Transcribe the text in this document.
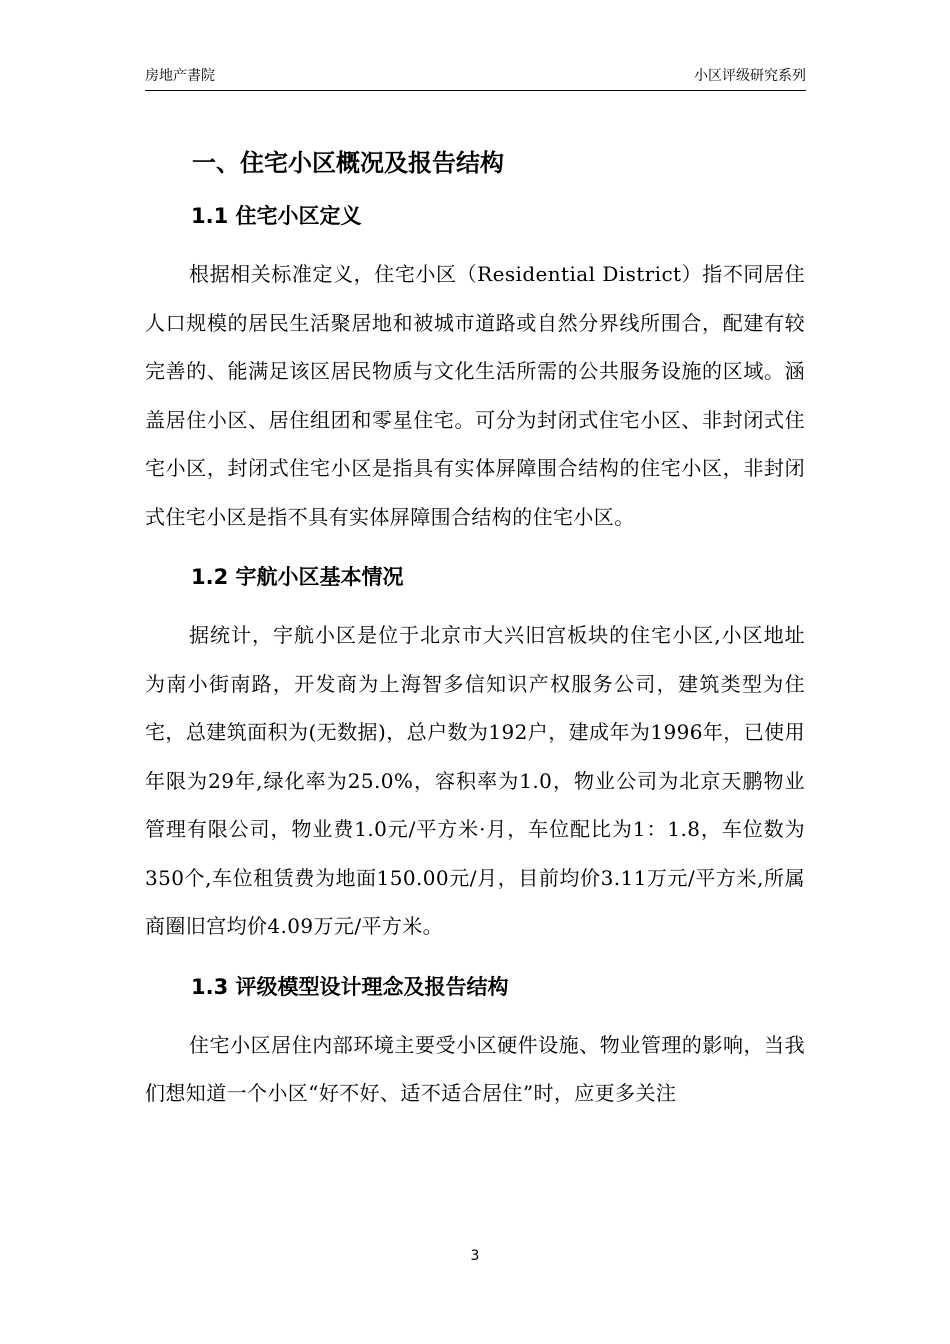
房地产書院	小区评级研究系列
一、住宅小区概况及报告结构
1.1 住宅小区定义

根据相关标准定义，住宅小区（Residential District）指不同居住人口规模的居民生活聚居地和被城市道路或自然分界线所围合，配建有较完善的、能满足该区居民物质与文化生活所需的公共服务设施的区域。涵盖居住小区、居住组团和零星住宅。可分为封闭式住宅小区、非封闭式住宅小区，封闭式住宅小区是指具有实体屏障围合结构的住宅小区，非封闭式住宅小区是指不具有实体屏障围合结构的住宅小区。

1.2 宇航小区基本情况

据统计，宇航小区是位于北京市大兴旧宫板块的住宅小区,小区地址为南小街南路，开发商为上海智多信知识产权服务公司，建筑类型为住宅，总建筑面积为(无数据)，总户数为192户，建成年为1996年，已使用年限为29年,绿化率为25.0%，容积率为1.0，物业公司为北京天鹏物业管理有限公司，物业费1.0元/平方米·月，车位配比为1：1.8，车位数为350个,车位租赁费为地面150.00元/月，目前均价3.11万元/平方米,所属商圈旧宫均价4.09万元/平方米。

1.3 评级模型设计理念及报告结构

住宅小区居住内部环境主要受小区硬件设施、物业管理的影响，当我们想知道一个小区“好不好、适不适合居住”时，应更多关注

3
